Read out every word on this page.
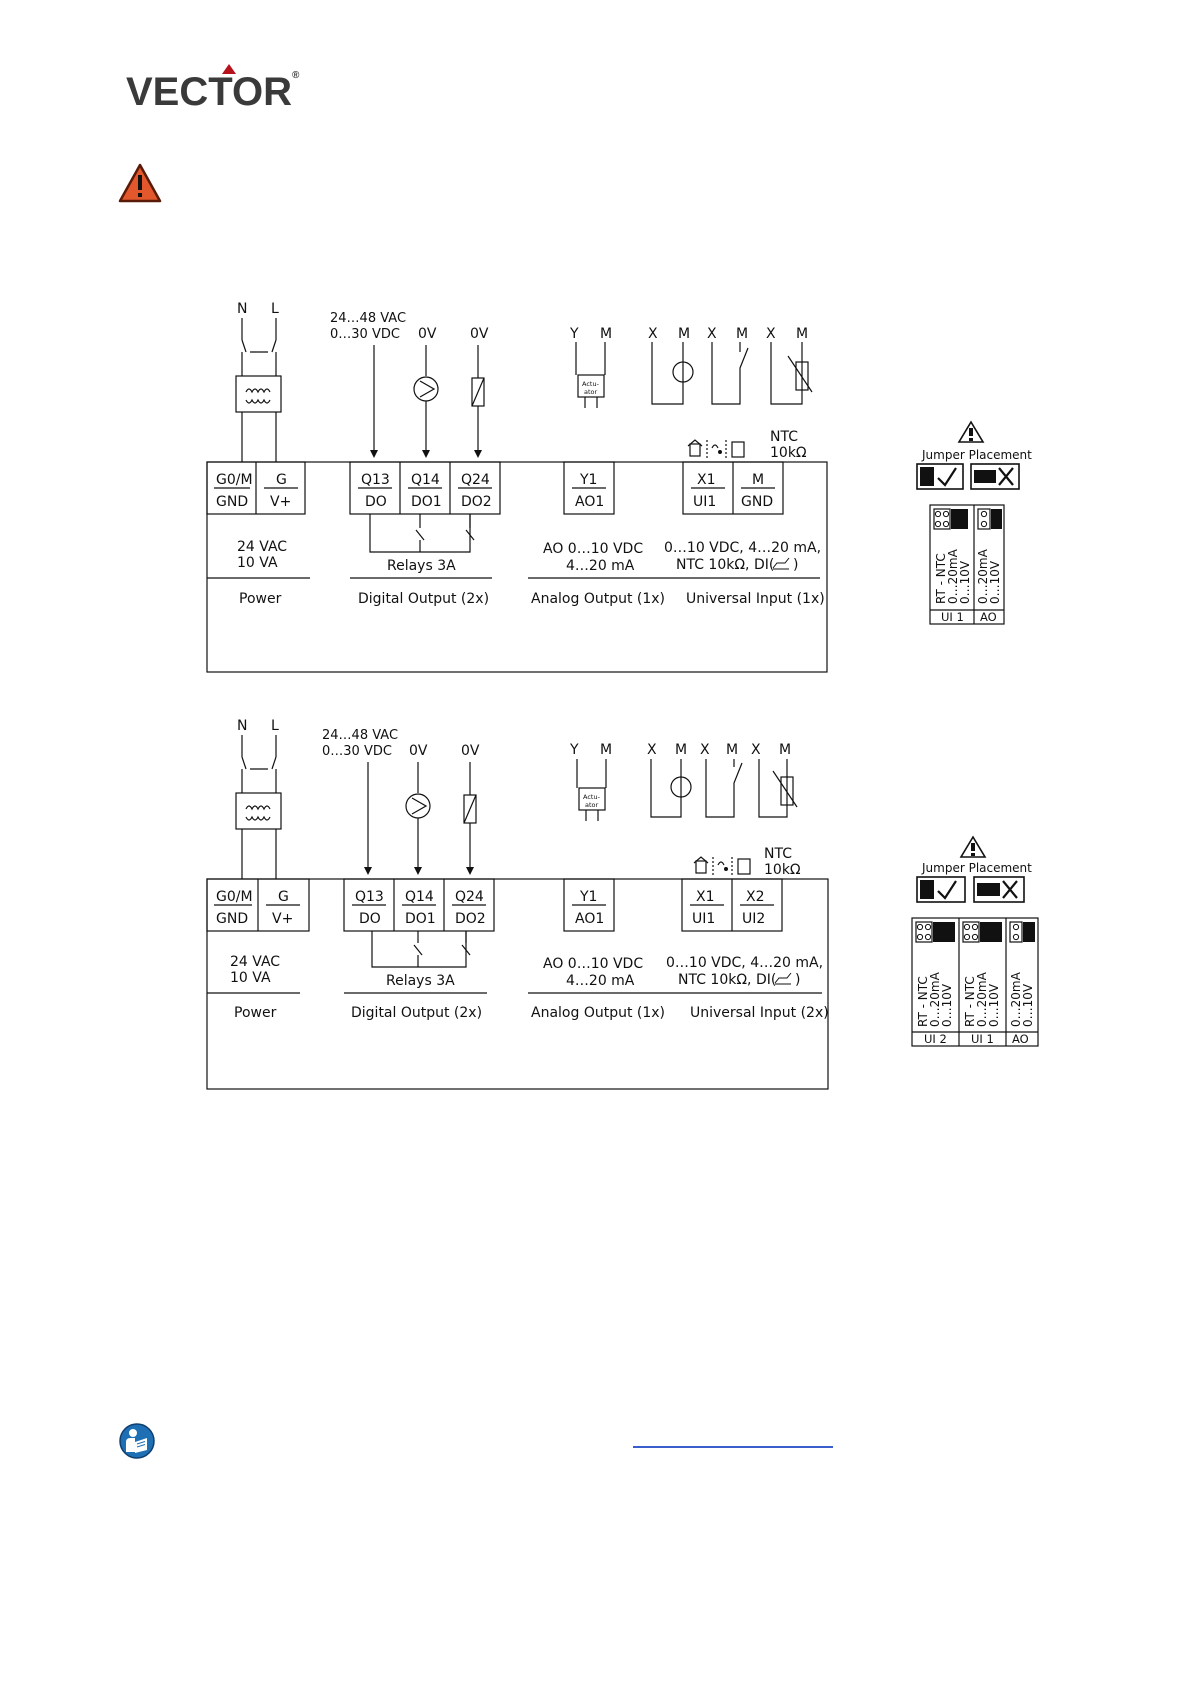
VECTOR®
N L
24…48 VAC
0…30 VDC 0V 0V	Y M
Actu-
ator
X M X M X M
NTC
10kΩ
G0/M
GND
G
V+
Q13
DO
Q14
DO1
Q24
DO2
Y1
AO1
X1
UI1
M
GND
24 VAC
10 VA
Power
Relays 3A
Digital Output (2x)
AO 0…10 VDC
4…20 mA
Analog Output (1x)
0…10 VDC, 4…20 mA,
NTC 10kΩ, DI( )
Universal Input (1x)
Jumper Placement
RT - NTC
0…20mA
0…10V 0…20mA
0…10V
UI 1 AO
N L
24…48 VAC
0…30 VDC 0V 0V	Y M
Actu-
ator
X M X M X M
NTC
10kΩ
G0/M
GND
G
V+
Q13
DO
Q14
DO1
Q24
DO2
Y1
AO1
X1
UI1
X2
UI2
24 VAC
10 VA
Power
Relays 3A
Digital Output (2x)
AO 0…10 VDC
4…20 mA
Analog Output (1x)
0…10 VDC, 4…20 mA,
NTC 10kΩ, DI( )
Universal Input (2x)
Jumper Placement
RT - NTC
0…20mA
0…10V RT - NTC
0…20mA
0…10V 0…20mA
0…10V
UI 2 UI 1 AO
